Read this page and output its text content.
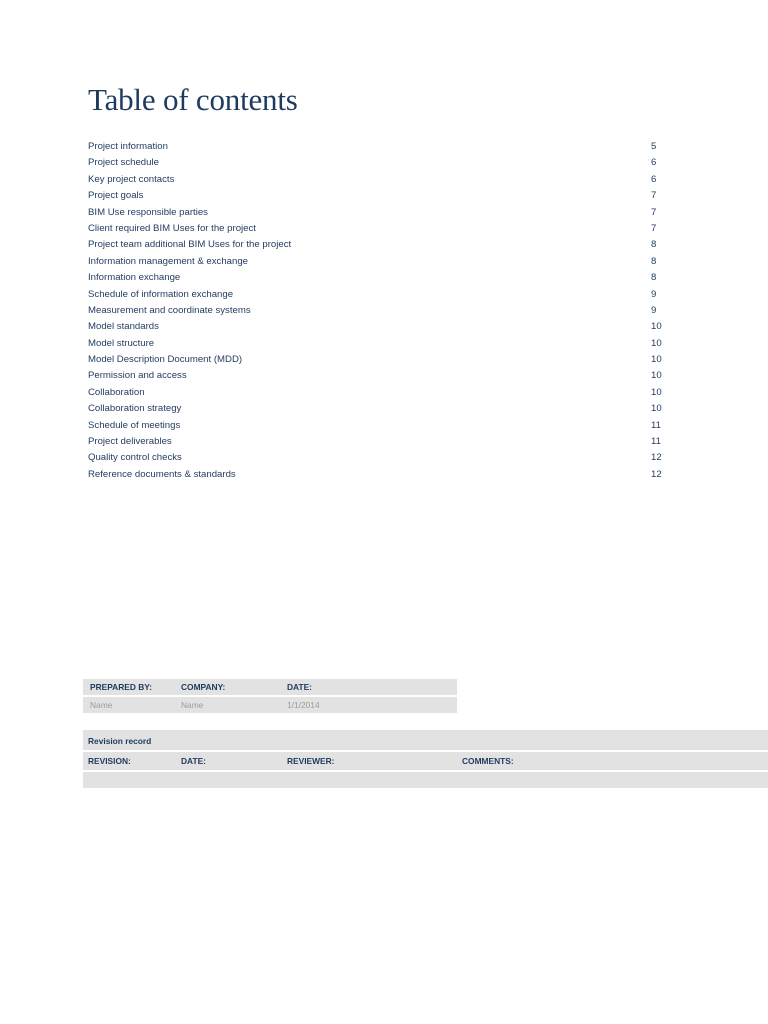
Table of contents
Project information	5
Project schedule	6
Key project contacts	6
Project goals	7
BIM Use responsible parties	7
Client required BIM Uses for the project	7
Project team additional BIM Uses for the project	8
Information management & exchange	8
Information exchange	8
Schedule of information exchange	9
Measurement and coordinate systems	9
Model standards	10
Model structure	10
Model Description Document (MDD)	10
Permission and access	10
Collaboration	10
Collaboration strategy	10
Schedule of meetings	11
Project deliverables	11
Quality control checks	12
Reference documents & standards	12
PREPARED BY:	COMPANY:	DATE:
Name	Name	1/1/2014
Revision record
REVISION:	DATE:	REVIEWER:	COMMENTS:
